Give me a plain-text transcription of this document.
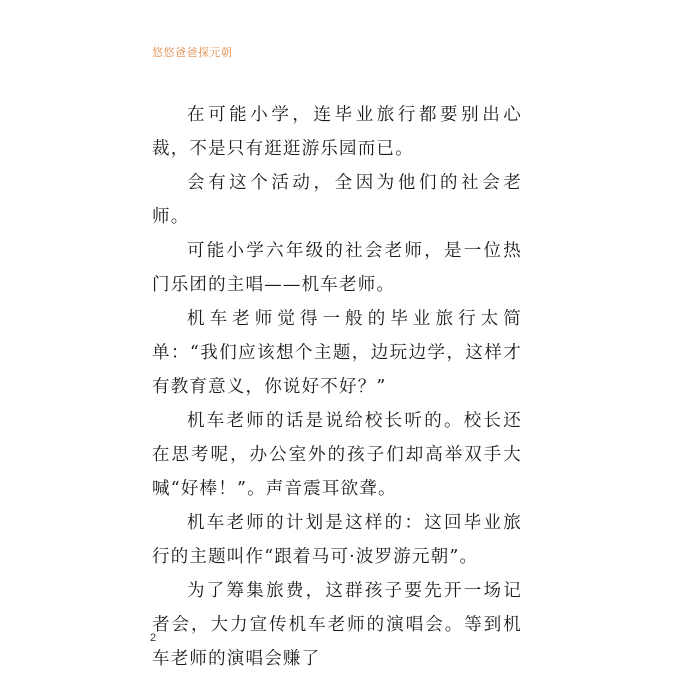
悠悠爸爸探元朝

在可能小学，连毕业旅行都要别出心裁，不是只有逛逛游乐园而已。

会有这个活动，全因为他们的社会老师。

可能小学六年级的社会老师，是一位热门乐团的主唱——机车老师。

机车老师觉得一般的毕业旅行太简单：“我们应该想个主题，边玩边学，这样才有教育意义，你说好不好？”

机车老师的话是说给校长听的。校长还在思考呢，办公室外的孩子们却高举双手大喊“好棒！”。声音震耳欲聋。

机车老师的计划是这样的：这回毕业旅行的主题叫作“跟着马可·波罗游元朝”。

为了筹集旅费，这群孩子要先开一场记者会，大力宣传机车老师的演唱会。等到机车老师的演唱会赚了

2
